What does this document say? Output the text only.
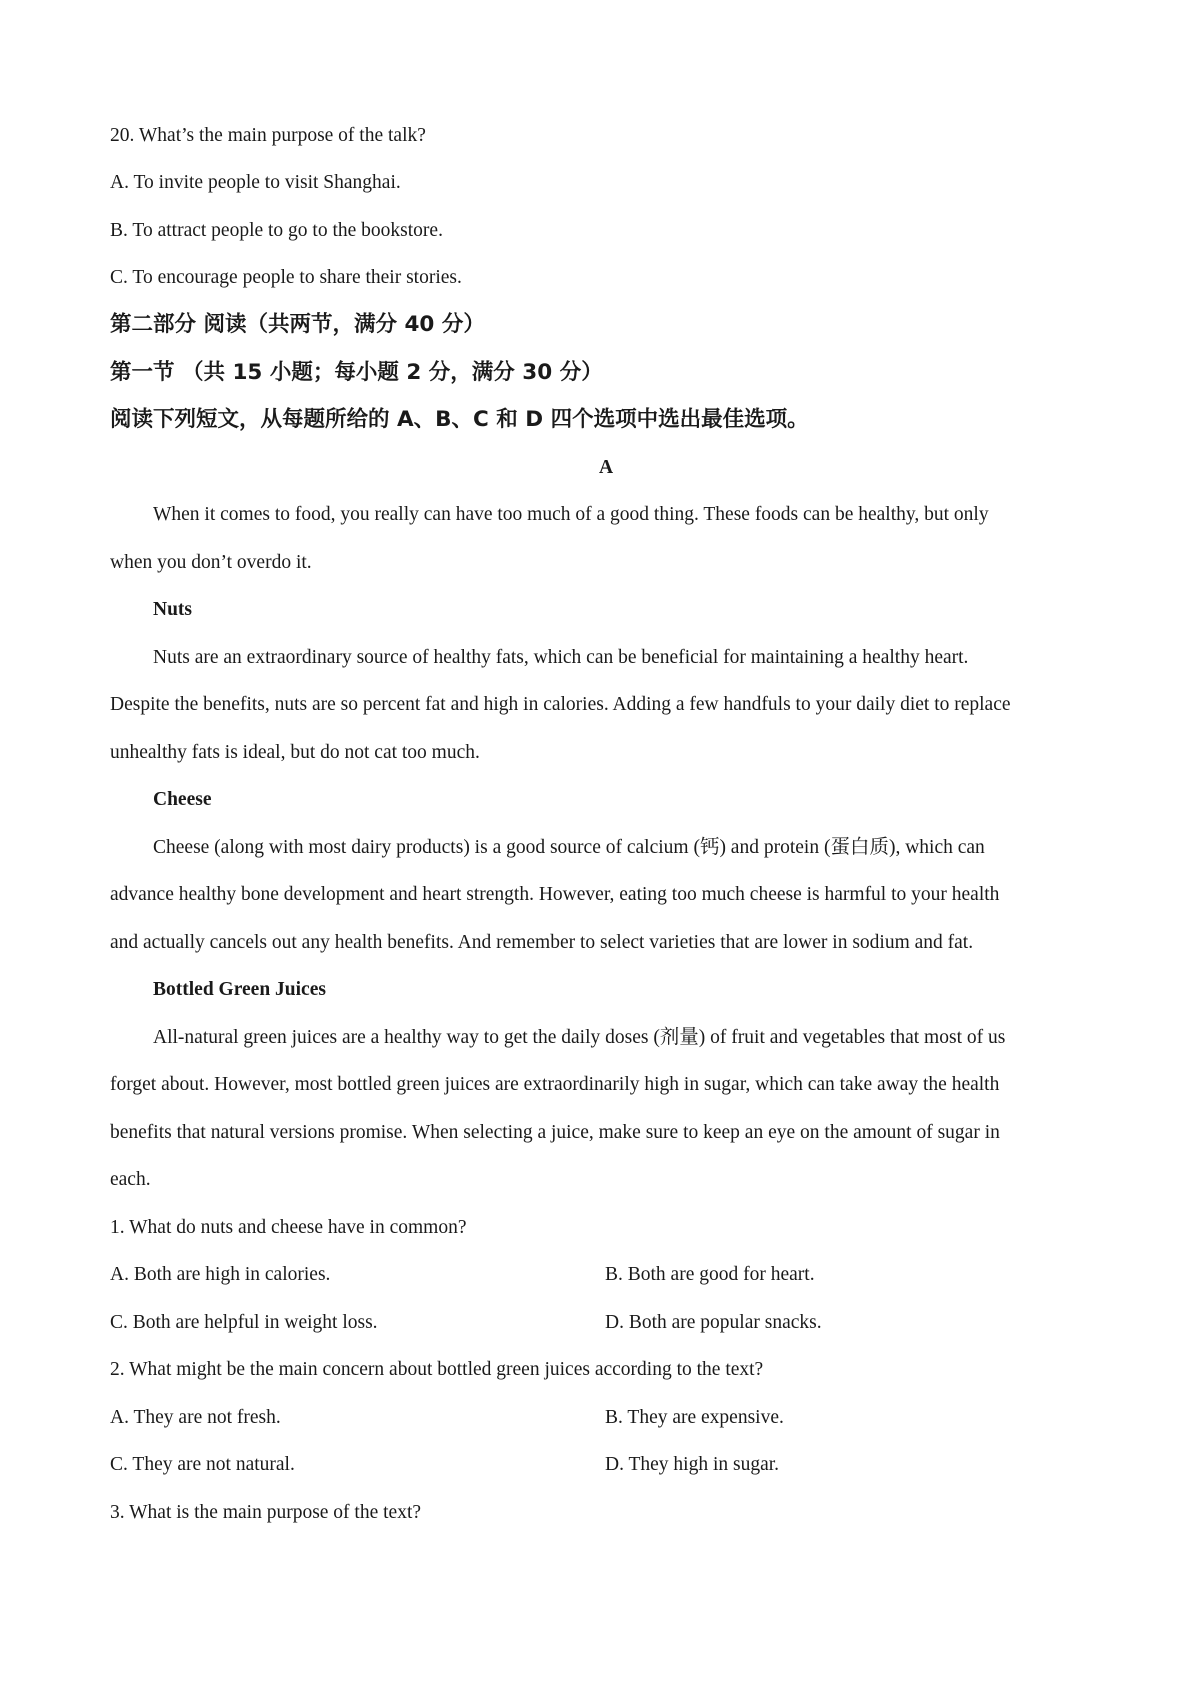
20. What’s the main purpose of the talk?
A. To invite people to visit Shanghai.
B. To attract people to go to the bookstore.
C. To encourage people to share their stories.
第二部分 阅读（共两节，满分 40 分）
第一节 （共 15 小题；每小题 2 分，满分 30 分）
阅读下列短文，从每题所给的 A、B、C 和 D 四个选项中选出最佳选项。
A
When it comes to food, you really can have too much of a good thing. These foods can be healthy, but only
when you don’t overdo it.
Nuts
Nuts are an extraordinary source of healthy fats, which can be beneficial for maintaining a healthy heart.
Despite the benefits, nuts are so percent fat and high in calories. Adding a few handfuls to your daily diet to replace
unhealthy fats is ideal, but do not cat too much.
Cheese
Cheese (along with most dairy products) is a good source of calcium (钙) and protein (蛋白质), which can
advance healthy bone development and heart strength. However, eating too much cheese is harmful to your health
and actually cancels out any health benefits. And remember to select varieties that are lower in sodium and fat.
Bottled Green Juices
All-natural green juices are a healthy way to get the daily doses (剂量) of fruit and vegetables that most of us
forget about. However, most bottled green juices are extraordinarily high in sugar, which can take away the health
benefits that natural versions promise. When selecting a juice, make sure to keep an eye on the amount of sugar in
each.
1. What do nuts and cheese have in common?
A. Both are high in calories.	B. Both are good for heart.
C. Both are helpful in weight loss.	D. Both are popular snacks.
2. What might be the main concern about bottled green juices according to the text?
A. They are not fresh.	B. They are expensive.
C. They are not natural.	D. They high in sugar.
3. What is the main purpose of the text?
